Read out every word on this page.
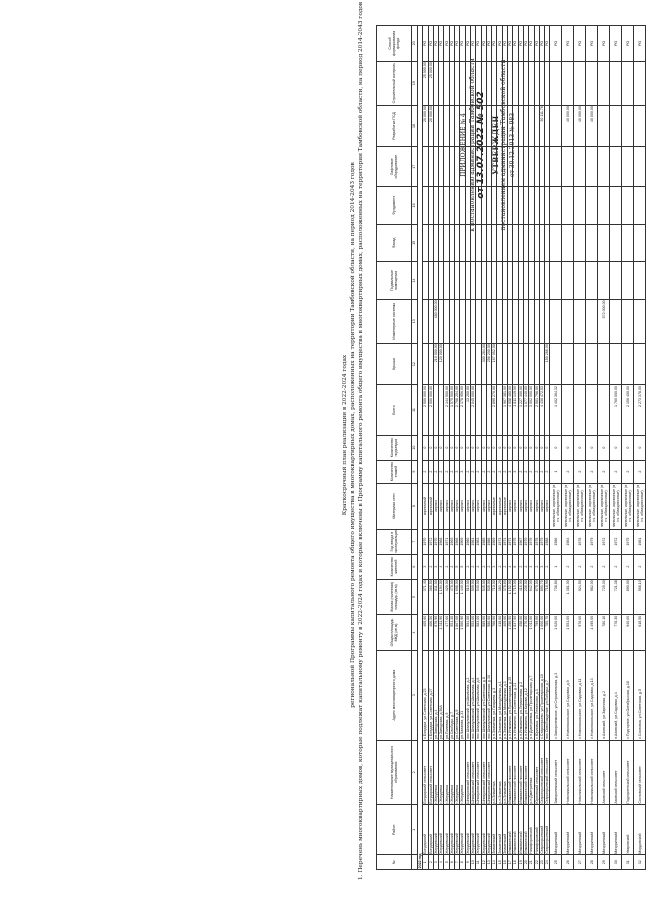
ПРИЛОЖЕНИЕ № 4 к постановлению администрации Тамбовской области от 13.07.2022 № 502 УТВЕРЖДЕН постановлением администрации Тамбовской области от 30.12.2013 № 983
Краткосрочный план реализации в 2022-2024 годах региональной Программы капитального ремонта общего имущества в многоквартирных домах, расположенных на территории Тамбовской области, на период 2014-2043 годов 1. Перечень многоквартирных домов, которые подлежат капитальному ремонту в 2022-2024 годах и которые включены в Программу капитального ремонта общего имущества в многоквартирных домах, расположенных на территории Тамбовской области, на период 2014-2043 годов	№	Район	Наименование муниципального образования	Адрес многоквартирного дома	Общая площадь МКД (кв.м)	Жилая (полезная) площадь (кв.м)	Количество жителей	Год ввода в эксплуатацию	Материал стен	Количество этажей	Количество подъездов	Всего	Крыша	Инженерные системы	Подвальные помещения	Фасад	Фундамент	Лифтовое оборудование	Разработка ПСД	Строительный контроль	Способ формирования фонда
	1	2	3	4	5	6	7	8	9	10	11	12	13	14	15	16	17	18	19	20
2022 год																				
1	Бондарский	Бондарский сельсовет	с.Бондари, ул.Советская, д.23	405,60	371,40	3	1970	кирпичный	2	0	2 500 000,00							20 000,00	25 000,00	РО
2	Бондарский	Бондарский сельсовет	с.Бондари, ул.Советская, д.27	406,50	366,50	2	1972	кирпичный	2	0	2 500 000,00							20 000,00	25 000,00	РО
3	Жердевский	г.Жердевка	ул.Заводская, д.4	876,90	811,00	3	1970	кирпич	2	0		210 000,00	480 000,00							РО
4	Жердевский	г.Жердевка	ул.Заводская, д.36А	1 311,90	1 194,00	4	1968	кирпич	2	0		120 000,00								РО
5	Жердевский	г.Жердевка	ул.Полевая, д.9	477,00	420,00	2	1971	кирпич	2	0	2 144 500,00									РО
6	Жердевский	г.Жердевка	ул.Свободы, д.7	551,30	478,00	2	1965	кирпич	2	0	1 575 500,00									РО
7	Жердевский	г.Жердевка	ул.Советская, д.9	1 867,00	1 698,00	5	1966	кирпич	3	0	2 708 254,00									РО
8	Жердевский	г.Жердевка	ул.Чапаева, д.31	1 560,90	1 440,00	5	1969	кирпич	3	0	2 178 956,00									РО
9	Жердевский	Шпикуловский сельсовет	пос.Шпикуловский, ул.Школьная, д.2	554,00	510,00	2	1980	кирпич	2	0	13 200,00									РО
10	Жердевский	Шпикуловский сельсовет	пос.Шпикуловский, ул.Школьная, д.4	553,00	509,00	2	1981	кирпич	2	0	2 045 000,00									РО
11	Жердевский	Шпикуловский сельсовет	пос.Шпикуловский, ул.Школьная, д.6	583,00	540,00	2	1983	кирпич	2	0										РО
12	Жердевский	Шпикуловский сельсовет	пос.Шпикуловский, ул.Советская, д.8	589,00	545,00	2	1985	кирпич	2	0		300 284,00								РО
13	Жердевский	Шпикуловский сельсовет	пос.Шпикуловский, ул.Советская, д.10	580,00	535,00	2	1986	кирпич	2	0		256 200,00								РО
14	Знаменский	р.п.Знаменка	р.п.Знаменка, ул.Гагарина, д.3	766,00	710,00	3	1969	кирпичные	2	0	2 895 270,00	167 052,00								РО
15	Знаменский	р.п.Знаменка	р.п.Знаменка, ул.Молодёжная, д.1	418,00	383,20	2	1973	кирпичные	2	0										РО
16	Знаменский	р.п.Знаменка	р.п.Знаменка, ул.Молодёжная, д.3	409,60	378,60	2	1974	кирпичные	2	0	1 907 381,00									РО
17	Инжавинский	Инжавинский поссовет	р.п.Инжавино, ул.Пролетарская, д.25	1 256,50	1 152,00	4	1973	кирпич	3	0	4 058 480,00									РО
18	Инжавинский	Инжавинский поссовет	р.п.Инжавино, ул.Советская, д.21	1 837,50	1 715,00	6	1975	кирпич	3	0	1 811 149,00									РО
19	Инжавинский	Инжавинский поссовет	р.п.Инжавино, ул.Лермонтова, д.2	458,00	416,00	2	1967	кирпич	2	0	1 227 300,00									РО
20	Инжавинский	Инжавинский поссовет	р.п.Инжавино, ул.Кирова, д.12	270,00	236,00	2	1970	кирпич	2	0	1 077 440,00									РО
21	Никифоровский	р.п.Дмитриевка	р.п.Дмитриевка, ул.Пролетарская, д.7	1 011,00	942,00	3	1976	кирпич	2	0	3 002 000,00									РО
22	Никифоровский	Юрловский сельсовет	с.Юрловка, ул.Ленинская, д.3	799,00	675,00	2	1978	кирпич	2	0	2 001 796,00									РО
23	Староюрьевский	Староюрьевский сельсовет	с.Староюрьево, ул.Пролетарская, д.10	1 000,00	890,70	3	1979	кирпич	2	0	4 430 472,53							30 111,76		РО
24	Староюрьевский	Староюрьевский сельсовет	пос.Освобождение, ул.Победы, д.7	785,70	718,90	2	1988	кирпич	2	0		150 288,00								РО
25	Мичуринский	Заворонежский сельсовет	с.Заворонежское, ул.Строительная, д.3	1 020,00	738,80	1	1986	панельные, кирпичные (в т.ч. облицовочные)	1	0	1 402 364,32									РО
26	Мичуринский	Новоникольский сельсовет	с.Новоникольское, ул.Садовая, д.9	1 551,00	1 381,00	2	1984	панельные, кирпичные (в т.ч. облицовочные)	2	0								40 000,00		РО
27	Мичуринский	Новоникольский сельсовет	с.Новоникольское, ул.Садовая, д.11	976,00	924,50	2	1978	панельные, кирпичные (в т.ч. облицовочные)	2	0								40 000,00		РО
28	Мичуринский	Новоникольский сельсовет	с.Новоникольское, ул.Садовая, д.13	1 495,00	982,00	2	1979	панельные, кирпичные (в т.ч. облицовочные)	2	0								40 000,00		РО
29	Мичуринский	Азовский сельсовет	п.Азовский, ул.Заречная, д.2	780,10	725,30	2	1972	панельные, кирпичные (в т.ч. облицовочные)	2	0			572 000,00							РО
30	Мичуринский	Азовский сельсовет	п.Азовский, ул.Садовая, д.4	778,30	721,38	2	1972	панельные, кирпичные (в т.ч. облицовочные)	2	0	1 760 000,00									РО
31	Уваровский	Подгорненский сельсовет	с.Подгорное, ул.Октябрьская, д.18	940,00	890,00	2	1975	панельные, кирпичные (в т.ч. облицовочные)	2	0	2 156 400,00									РО
32	Мордовский	Сосновский сельсовет	с.Сосновка, ул.Советская, д.5	618,50	568,10	2	1981	панельные, кирпичные (в т.ч. облицовочные)	2	0	2 273 378,00									РО
